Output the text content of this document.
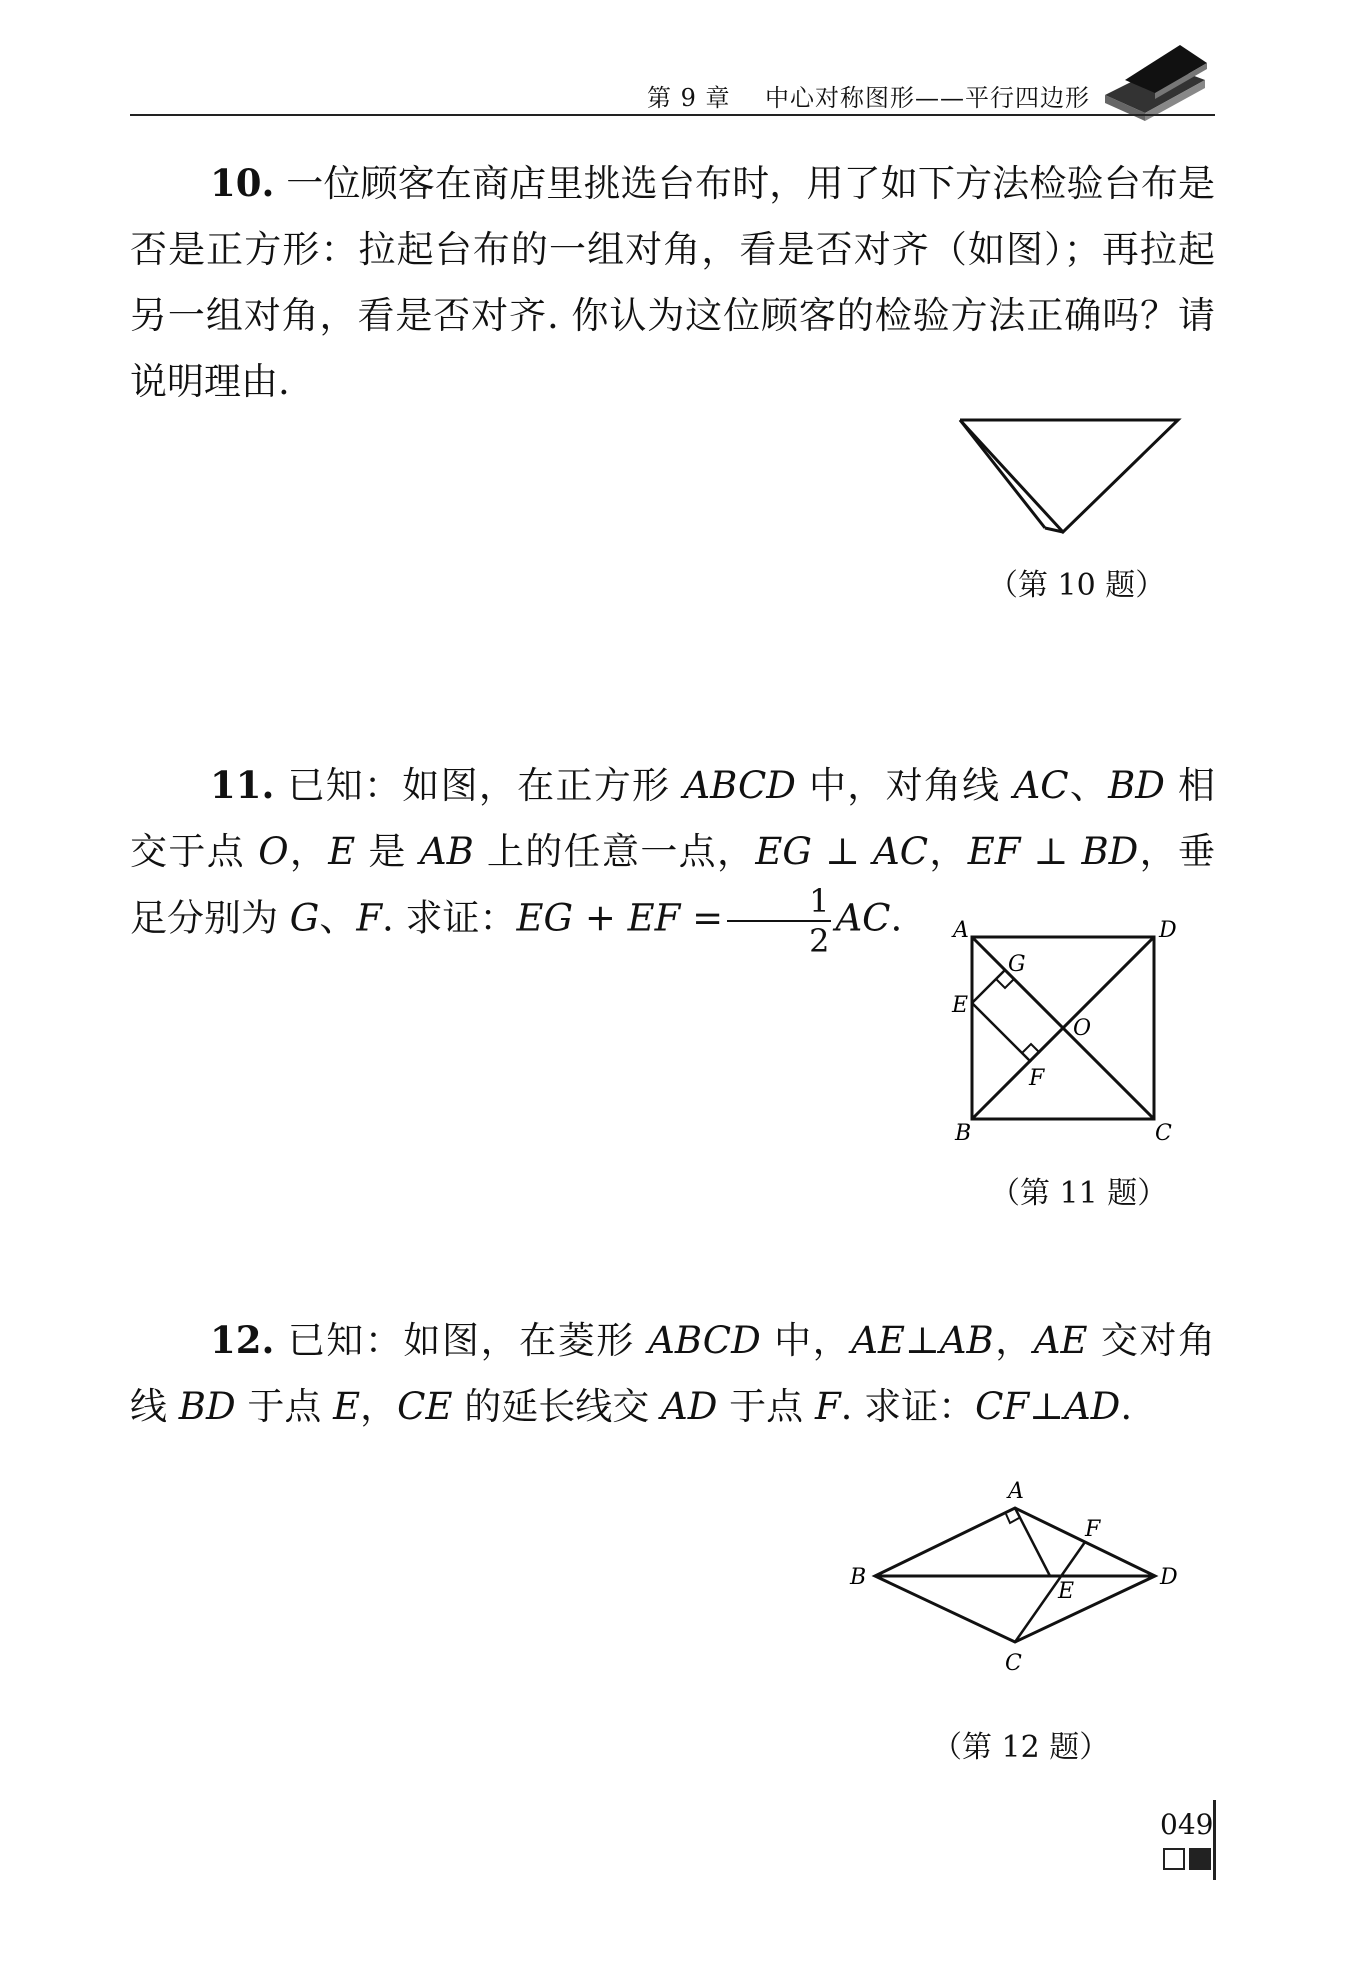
第 9 章 中心对称图形——平行四边形

10. 一位顾客在商店里挑选台布时，用了如下方法检验台布是否是正方形：拉起台布的一组对角，看是否对齐（如图）；再拉起另一组对角，看是否对齐. 你认为这位顾客的检验方法正确吗？请说明理由.

（第 10 题）

11. 已知：如图，在正方形 ABCD 中，对角线 AC、BD 相交于点 O，E 是 AB 上的任意一点，EG ⊥ AC，EF ⊥ BD，垂足分别为 G、F. 求证：EG + EF = $\frac{1}{2}$ AC.	A	D
B	C
E
G
F
O
（第 11 题）

12. 已知：如图，在菱形 ABCD 中，AE⊥AB，AE 交对角线 BD 于点 E，CE 的延长线交 AD 于点 F. 求证：CF⊥AD.

A
B	D
C
E
F
（第 12 题）
049
